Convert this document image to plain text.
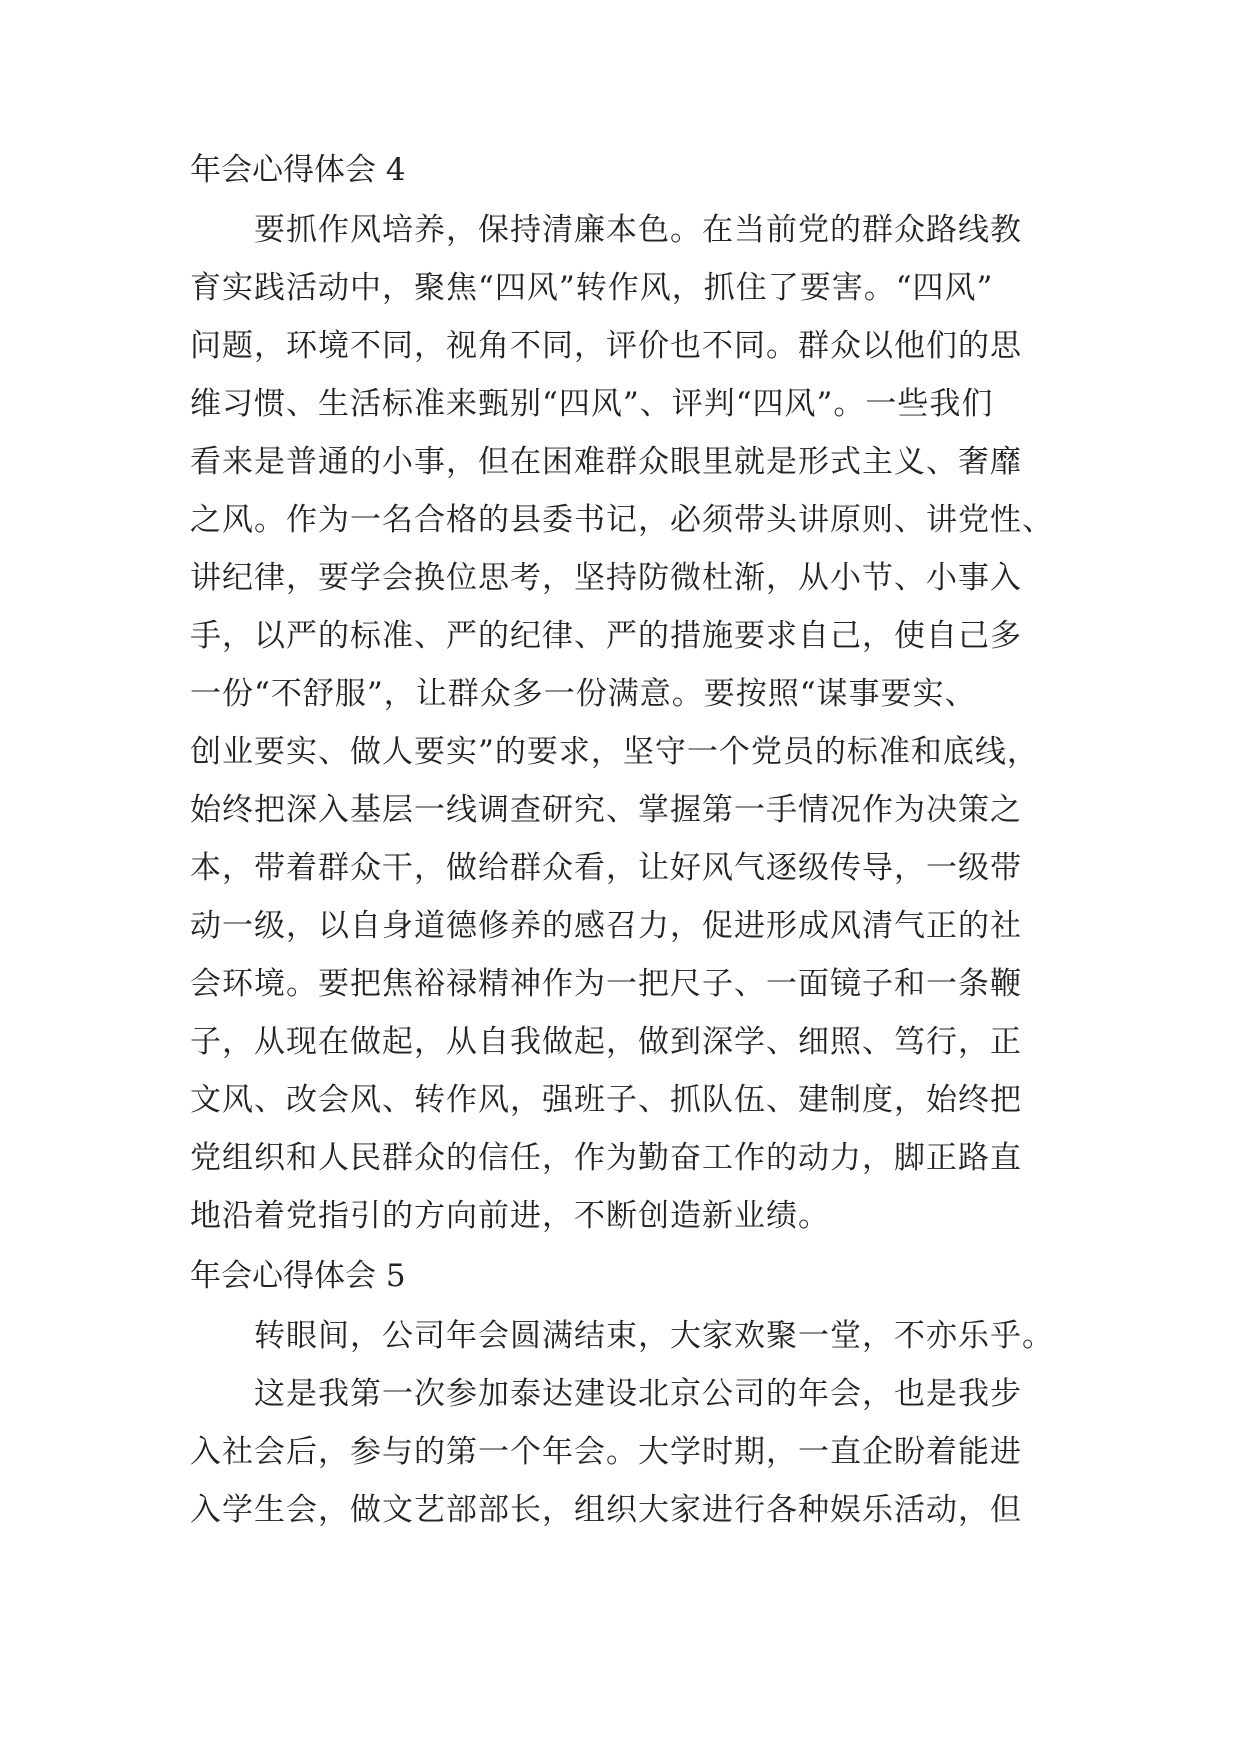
年会心得体会 4
要抓作风培养，保持清廉本色。在当前党的群众路线教
育实践活动中，聚焦“四风”转作风，抓住了要害。“四风”
问题，环境不同，视角不同，评价也不同。群众以他们的思
维习惯、生活标准来甄别“四风”、评判“四风”。一些我们
看来是普通的小事，但在困难群众眼里就是形式主义、奢靡
之风。作为一名合格的县委书记，必须带头讲原则、讲党性、
讲纪律，要学会换位思考，坚持防微杜渐，从小节、小事入
手，以严的标准、严的纪律、严的措施要求自己，使自己多
一份“不舒服”，让群众多一份满意。要按照“谋事要实、
创业要实、做人要实”的要求，坚守一个党员的标准和底线，
始终把深入基层一线调查研究、掌握第一手情况作为决策之
本，带着群众干，做给群众看，让好风气逐级传导，一级带
动一级，以自身道德修养的感召力，促进形成风清气正的社
会环境。要把焦裕禄精神作为一把尺子、一面镜子和一条鞭
子，从现在做起，从自我做起，做到深学、细照、笃行，正
文风、改会风、转作风，强班子、抓队伍、建制度，始终把
党组织和人民群众的信任，作为勤奋工作的动力，脚正路直
地沿着党指引的方向前进，不断创造新业绩。
年会心得体会 5
转眼间，公司年会圆满结束，大家欢聚一堂，不亦乐乎。
这是我第一次参加泰达建设北京公司的年会，也是我步
入社会后，参与的第一个年会。大学时期，一直企盼着能进
入学生会，做文艺部部长，组织大家进行各种娱乐活动，但
